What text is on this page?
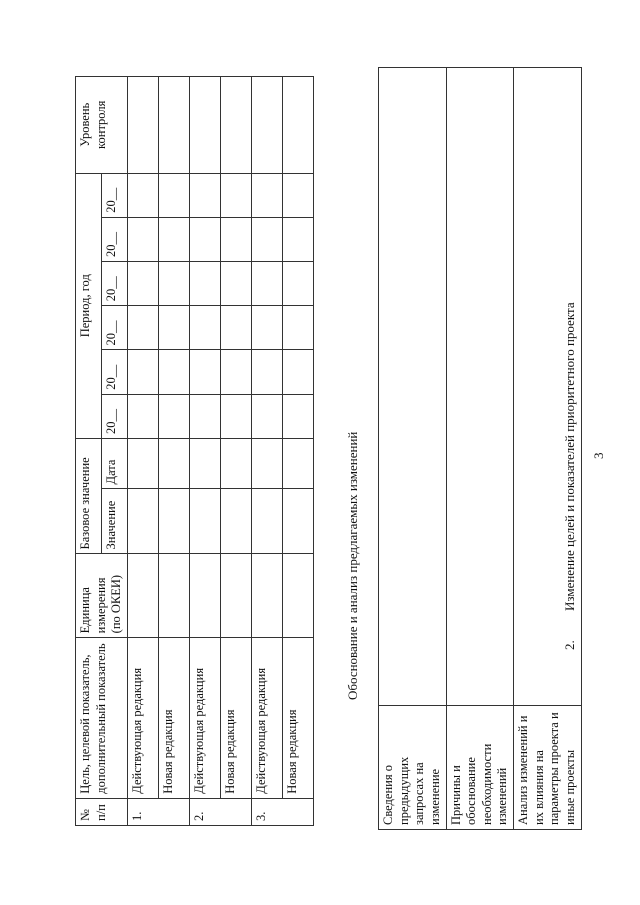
3
2. Изменение целей и показателей приоритетного проекта
№ п/п	Цель, целевой показатель, дополнительный показатель	Единица измерения (по ОКЕИ)	Базовое значение		Период, год						Уровень контроля
			Значение	Дата	20__	20__	20__	20__	20__	20__	
1.	Действующая редакция										
	Новая редакция										
2.	Действующая редакция										
	Новая редакция										
3.	Действующая редакция										
	Новая редакция										
Обоснование и анализ предлагаемых изменений
Сведения о предыдущих запросах на изменение	
Причины и обоснование необходимости изменений	
Анализ изменений и их влияния на параметры проекта и иные проекты	
